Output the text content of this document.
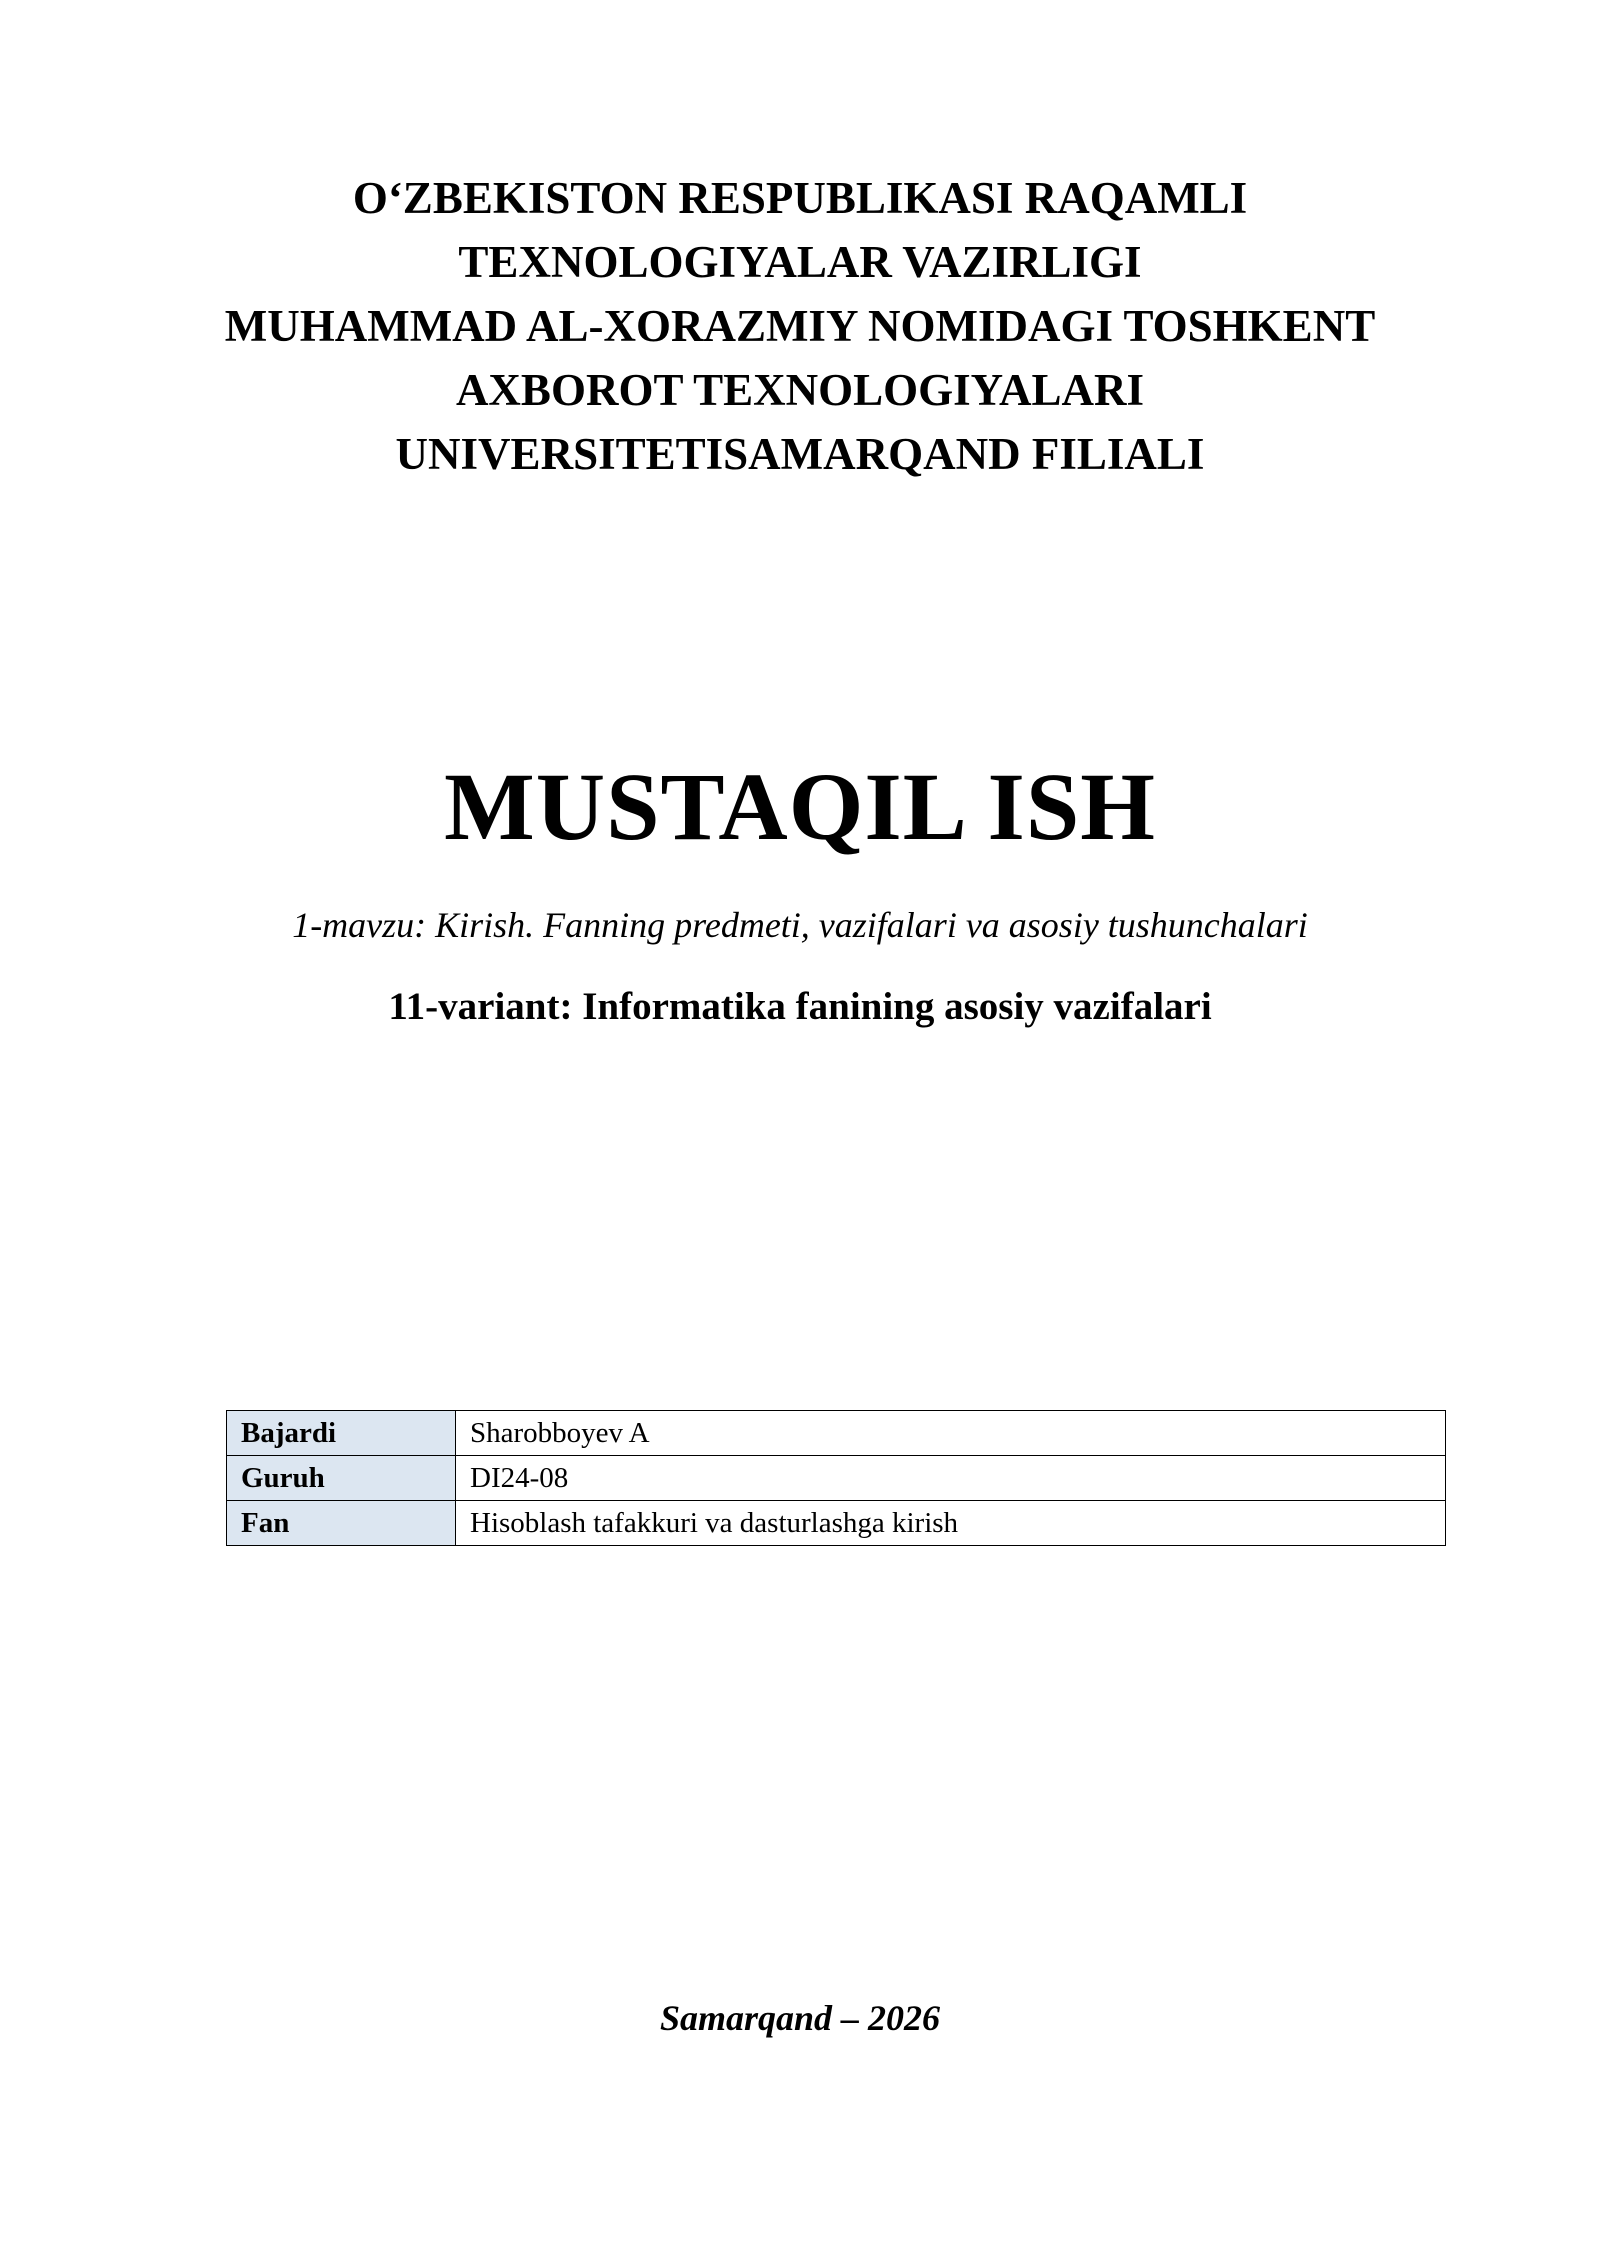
O‘ZBEKISTON RESPUBLIKASI RAQAMLI
TEXNOLOGIYALAR VAZIRLIGI
MUHAMMAD AL-XORAZMIY NOMIDAGI TOSHKENT
AXBOROT TEXNOLOGIYALARI
UNIVERSITETISAMARQAND FILIALI
MUSTAQIL ISH
1-mavzu: Kirish. Fanning predmeti, vazifalari va asosiy tushunchalari
11-variant: Informatika fanining asosiy vazifalari
Bajardi	Sharobboyev A
Guruh	DI24-08
Fan	Hisoblash tafakkuri va dasturlashga kirish
Samarqand – 2026
